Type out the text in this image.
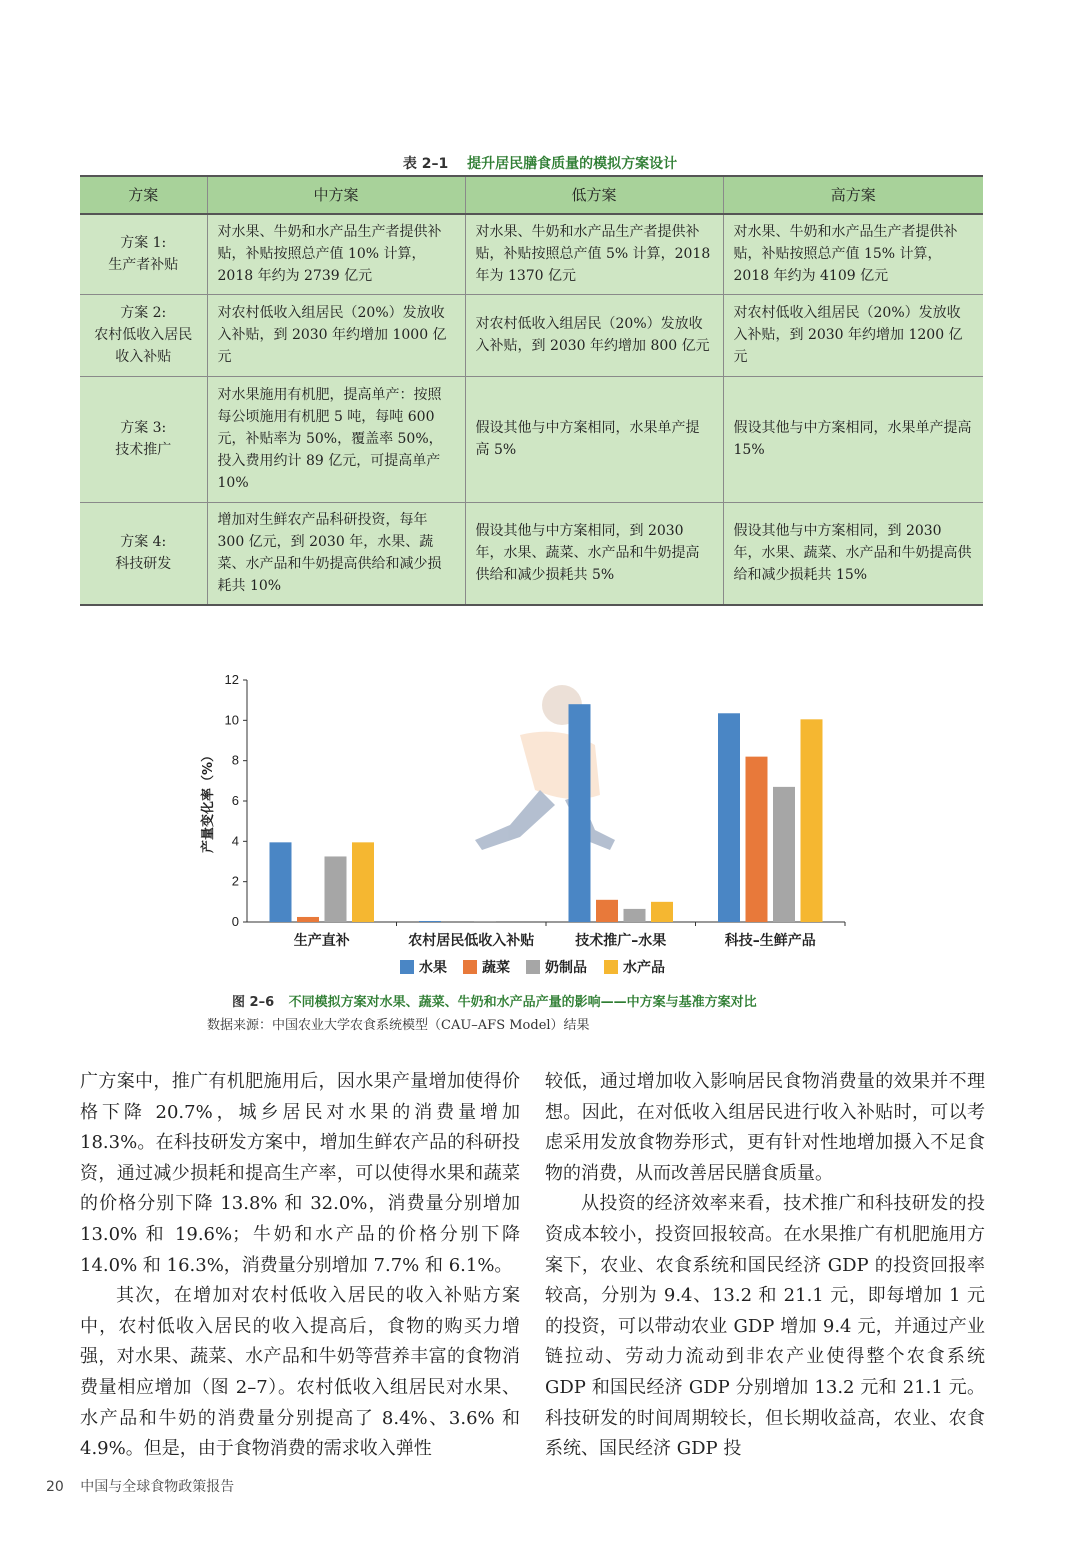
表 2–1 提升居民膳食质量的模拟方案设计
方案	中方案	低方案	高方案
方案 1:
生产者补贴	对水果、牛奶和水产品生产者提供补贴，补贴按照总产值 10% 计算，2018 年约为 2739 亿元	对水果、牛奶和水产品生产者提供补贴，补贴按照总产值 5% 计算，2018 年为 1370 亿元	对水果、牛奶和水产品生产者提供补贴，补贴按照总产值 15% 计算，2018 年约为 4109 亿元
方案 2:
农村低收入居民收入补贴	对农村低收入组居民（20%）发放收入补贴，到 2030 年约增加 1000 亿元	对农村低收入组居民（20%）发放收入补贴，到 2030 年约增加 800 亿元	对农村低收入组居民（20%）发放收入补贴，到 2030 年约增加 1200 亿元
方案 3:
技术推广	对水果施用有机肥，提高单产：按照每公顷施用有机肥 5 吨，每吨 600 元，补贴率为 50%，覆盖率 50%，投入费用约计 89 亿元，可提高单产 10%	假设其他与中方案相同，水果单产提高 5%	假设其他与中方案相同，水果单产提高 15%
方案 4:
科技研发	增加对生鲜农产品科研投资，每年 300 亿元，到 2030 年，水果、蔬菜、水产品和牛奶提高供给和减少损耗共 10%	假设其他与中方案相同，到 2030 年，水果、蔬菜、水产品和牛奶提高供给和减少损耗共 5%	假设其他与中方案相同，到 2030 年，水果、蔬菜、水产品和牛奶提高供给和减少损耗共 15%
0
2
4
6
8
10
12
产量变化率（%）
生产直补	农村居民低收入补贴	技术推广–水果	科技–生鲜产品
水果	蔬菜	奶制品	水产品
图 2–6 不同模拟方案对水果、蔬菜、牛奶和水产品产量的影响——中方案与基准方案对比
数据来源：中国农业大学农食系统模型（CAU–AFS Model）结果

广方案中，推广有机肥施用后，因水果产量增加使得价格下降 20.7%，城乡居民对水果的消费量增加 18.3%。在科技研发方案中，增加生鲜农产品的科研投资，通过减少损耗和提高生产率，可以使得水果和蔬菜的价格分别下降 13.8% 和 32.0%，消费量分别增加 13.0% 和 19.6%；牛奶和水产品的价格分别下降 14.0% 和 16.3%，消费量分别增加 7.7% 和 6.1%。

其次，在增加对农村低收入居民的收入补贴方案中，农村低收入居民的收入提高后，食物的购买力增强，对水果、蔬菜、水产品和牛奶等营养丰富的食物消费量相应增加（图 2–7）。农村低收入组居民对水果、水产品和牛奶的消费量分别提高了 8.4%、3.6% 和 4.9%。但是，由于食物消费的需求收入弹性

较低，通过增加收入影响居民食物消费量的效果并不理想。因此，在对低收入组居民进行收入补贴时，可以考虑采用发放食物券形式，更有针对性地增加摄入不足食物的消费，从而改善居民膳食质量。

从投资的经济效率来看，技术推广和科技研发的投资成本较小，投资回报较高。在水果推广有机肥施用方案下，农业、农食系统和国民经济 GDP 的投资回报率较高，分别为 9.4、13.2 和 21.1 元，即每增加 1 元的投资，可以带动农业 GDP 增加 9.4 元，并通过产业链拉动、劳动力流动到非农产业使得整个农食系统 GDP 和国民经济 GDP 分别增加 13.2 元和 21.1 元。科技研发的时间周期较长，但长期收益高，农业、农食系统、国民经济 GDP 投

20 中国与全球食物政策报告
